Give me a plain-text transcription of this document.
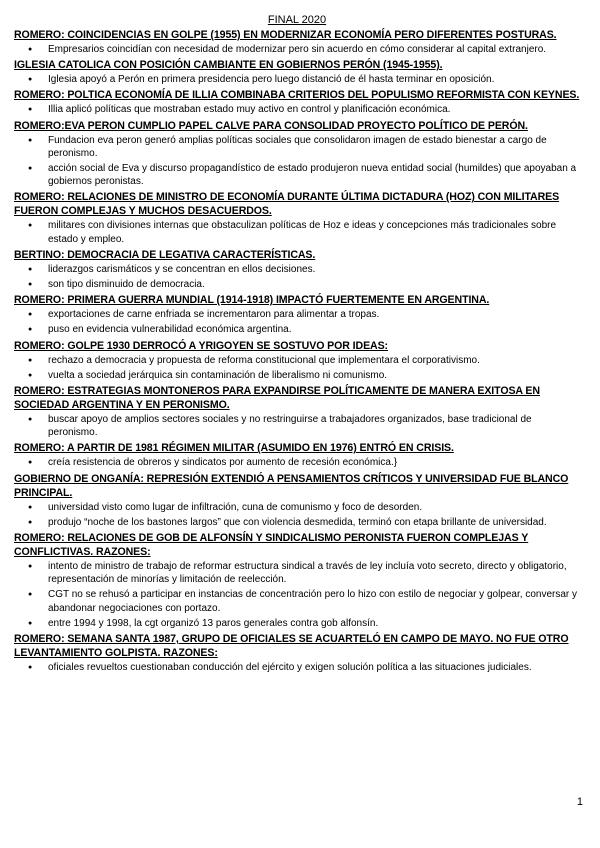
FINAL 2020
ROMERO: COINCIDENCIAS EN GOLPE (1955) EN MODERNIZAR ECONOMÍA PERO DIFERENTES POSTURAS.
● Empresarios coincidían con necesidad de modernizar pero sin acuerdo en cómo considerar al capital extranjero.
IGLESIA CATOLICA CON POSICIÓN CAMBIANTE EN GOBIERNOS PERÓN (1945-1955).
● Iglesia apoyó a Perón en primera presidencia pero luego distanció de él hasta terminar en oposición.
ROMERO: POLTICA ECONOMÍA DE ILLIA COMBINABA CRITERIOS DEL POPULISMO REFORMISTA CON KEYNES.
● Illia aplicó políticas que mostraban estado muy activo en control y planificación económica.
ROMERO:EVA PERON CUMPLIO PAPEL CALVE PARA CONSOLIDAD PROYECTO POLÍTICO DE PERÓN.
● Fundacion eva peron generó amplias políticas sociales que consolidaron imagen de estado bienestar a cargo de peronismo.
● acción social de Eva y discurso propagandístico de estado produjeron nueva entidad social (humildes) que apoyaban a gobiernos peronistas.
ROMERO: RELACIONES DE MINISTRO DE ECONOMÍA DURANTE ÚLTIMA DICTADURA (HOZ) CON MILITARES FUERON COMPLEJAS Y MUCHOS DESACUERDOS.
● militares con divisiones internas que obstaculizan políticas de Hoz e ideas y concepciones más tradicionales sobre estado y empleo.
BERTINO: DEMOCRACIA DE LEGATIVA CARACTERÍSTICAS.
● liderazgos carismáticos y se concentran en ellos decisiones.
● son tipo disminuido de democracia.
ROMERO: PRIMERA GUERRA MUNDIAL (1914-1918) IMPACTÓ FUERTEMENTE EN ARGENTINA.
● exportaciones de carne enfriada se incrementaron para alimentar a tropas.
● puso en evidencia vulnerabilidad económica argentina.
ROMERO: GOLPE 1930 DERROCÓ A YRIGOYEN SE SOSTUVO POR IDEAS:
● rechazo a democracia y propuesta de reforma constitucional que implementara el corporativismo.
● vuelta a sociedad jerárquica sin contaminación de liberalismo ni comunismo.
ROMERO: ESTRATEGIAS MONTONEROS PARA EXPANDIRSE POLÍTICAMENTE DE MANERA EXITOSA EN SOCIEDAD ARGENTINA Y EN PERONISMO.
● buscar apoyo de amplios sectores sociales y no restringuirse a trabajadores organizados, base tradicional de peronismo.
ROMERO: A PARTIR DE 1981 RÉGIMEN MILITAR (ASUMIDO EN 1976) ENTRÓ EN CRISIS.
● creía resistencia de obreros y sindicatos por aumento de recesión económica.}
GOBIERNO DE ONGANÍA: REPRESIÓN EXTENDIÓ A PENSAMIENTOS CRÍTICOS Y UNIVERSIDAD FUE BLANCO PRINCIPAL.
● universidad visto como lugar de infiltración, cuna de comunismo y foco de desorden.
● produjo “noche de los bastones largos” que con violencia desmedida, terminó con etapa brillante de universidad.
ROMERO: RELACIONES DE GOB DE ALFONSÍN Y SINDICALISMO PERONISTA FUERON COMPLEJAS Y CONFLICTIVAS. RAZONES:
● intento de ministro de trabajo de reformar estructura sindical a través de ley incluía voto secreto, directo y obligatorio, representación de minorías y limitación de reelección.
● CGT no se rehusó a participar en instancias de concentración pero lo hizo con estilo de negociar y golpear, conversar y abandonar negociaciones con portazo.
● entre 1994 y 1998, la cgt organizó 13 paros generales contra gob alfonsín.
ROMERO: SEMANA SANTA 1987, GRUPO DE OFICIALES SE ACUARTELÓ EN CAMPO DE MAYO. NO FUE OTRO LEVANTAMIENTO GOLPISTA. RAZONES:
● oficiales revueltos cuestionaban conducción del ejército y exigen solución política a las situaciones judiciales.
1
